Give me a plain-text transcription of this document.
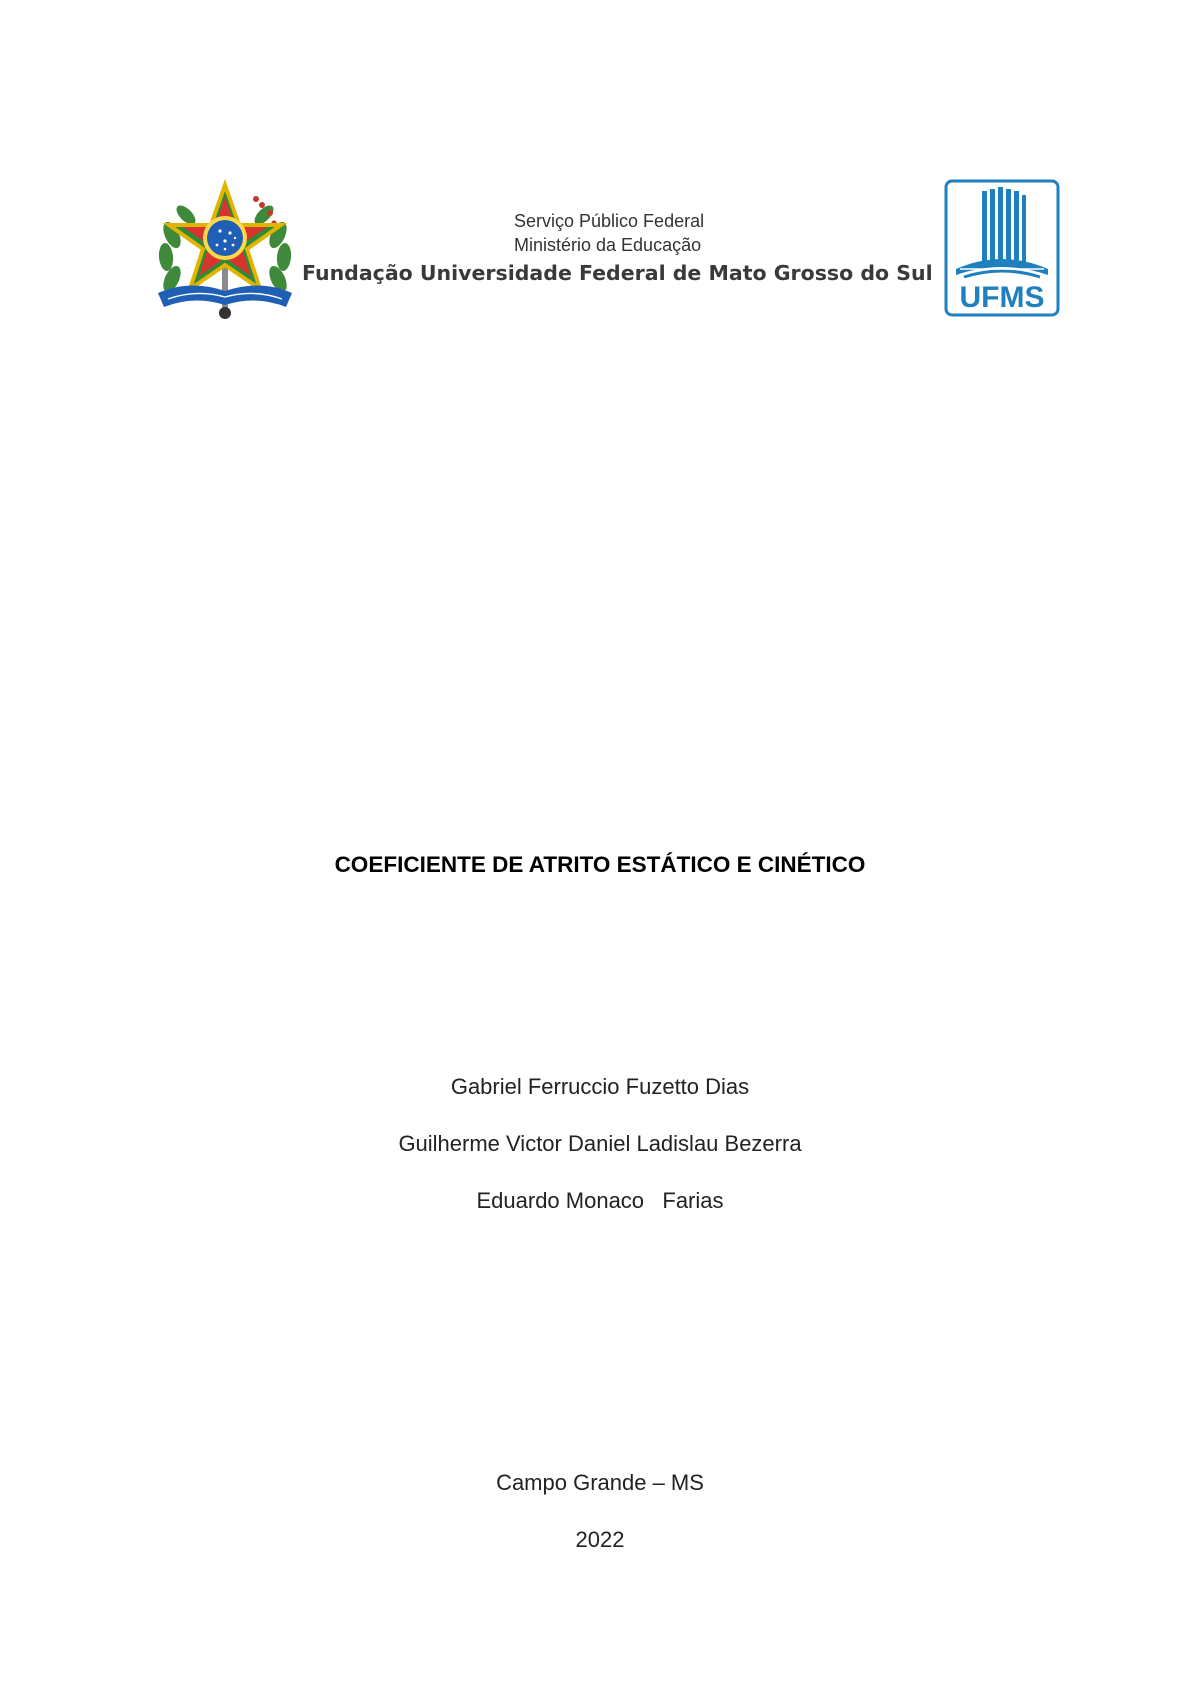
Serviço Público Federal
Ministério da Educação
Fundação Universidade Federal de Mato Grosso do Sul
UFMS
COEFICIENTE DE ATRITO ESTÁTICO E CINÉTICO
Gabriel Ferruccio Fuzetto Dias
Guilherme Victor Daniel Ladislau Bezerra
Eduardo Monaco   Farias
Campo Grande – MS
2022
